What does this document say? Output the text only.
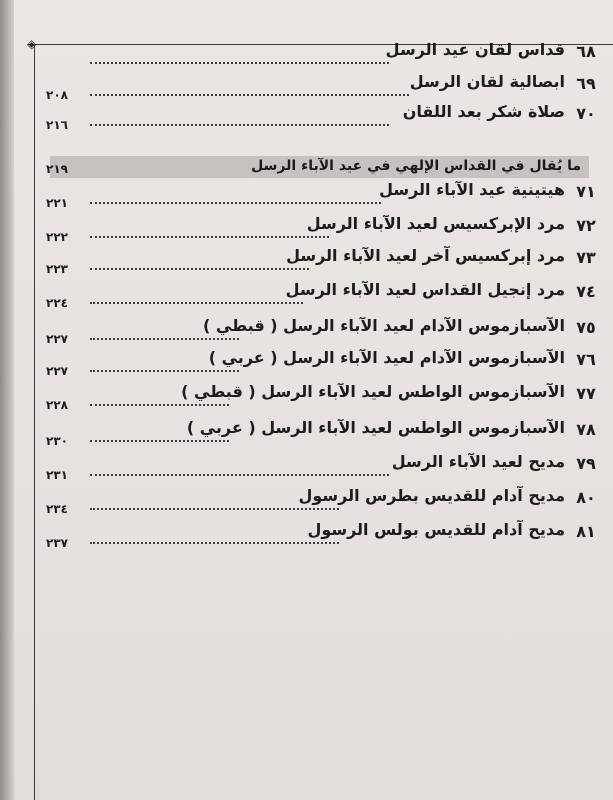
◈	٦٨
قداس لقان عيد الرسل
٦٩
ابصالية لقان الرسل
٢٠٨
٧٠
صلاة شكر بعد اللقان
٢١٦
ما يُقال في القداس الإلهي في عيد الآباء الرسل
٢١٩
٧١
هيتينية عيد الآباء الرسل
٢٢١
٧٢
مرد الإبركسيس لعيد الآباء الرسل
٢٢٢
٧٣
مرد إبركسيس آخر لعيد الآباء الرسل
٢٢٣
٧٤
مرد إنجيل القداس لعيد الآباء الرسل
٢٢٤
٧٥
الآسبازموس الآدام لعيد الآباء الرسل ( قبطي )
٢٢٧
٧٦
الآسبازموس الآدام لعيد الآباء الرسل ( عربي )
٢٢٧
٧٧
الآسبازموس الواطس لعيد الآباء الرسل ( قبطي )
٢٢٨
٧٨
الآسبازموس الواطس لعيد الآباء الرسل ( عربي )
٢٣٠
٧٩
مديح لعيد الآباء الرسل
٢٣١
٨٠
مديح آدام للقديس بطرس الرسول
٢٣٤
٨١
مديح آدام للقديس بولس الرسول
٢٣٧
